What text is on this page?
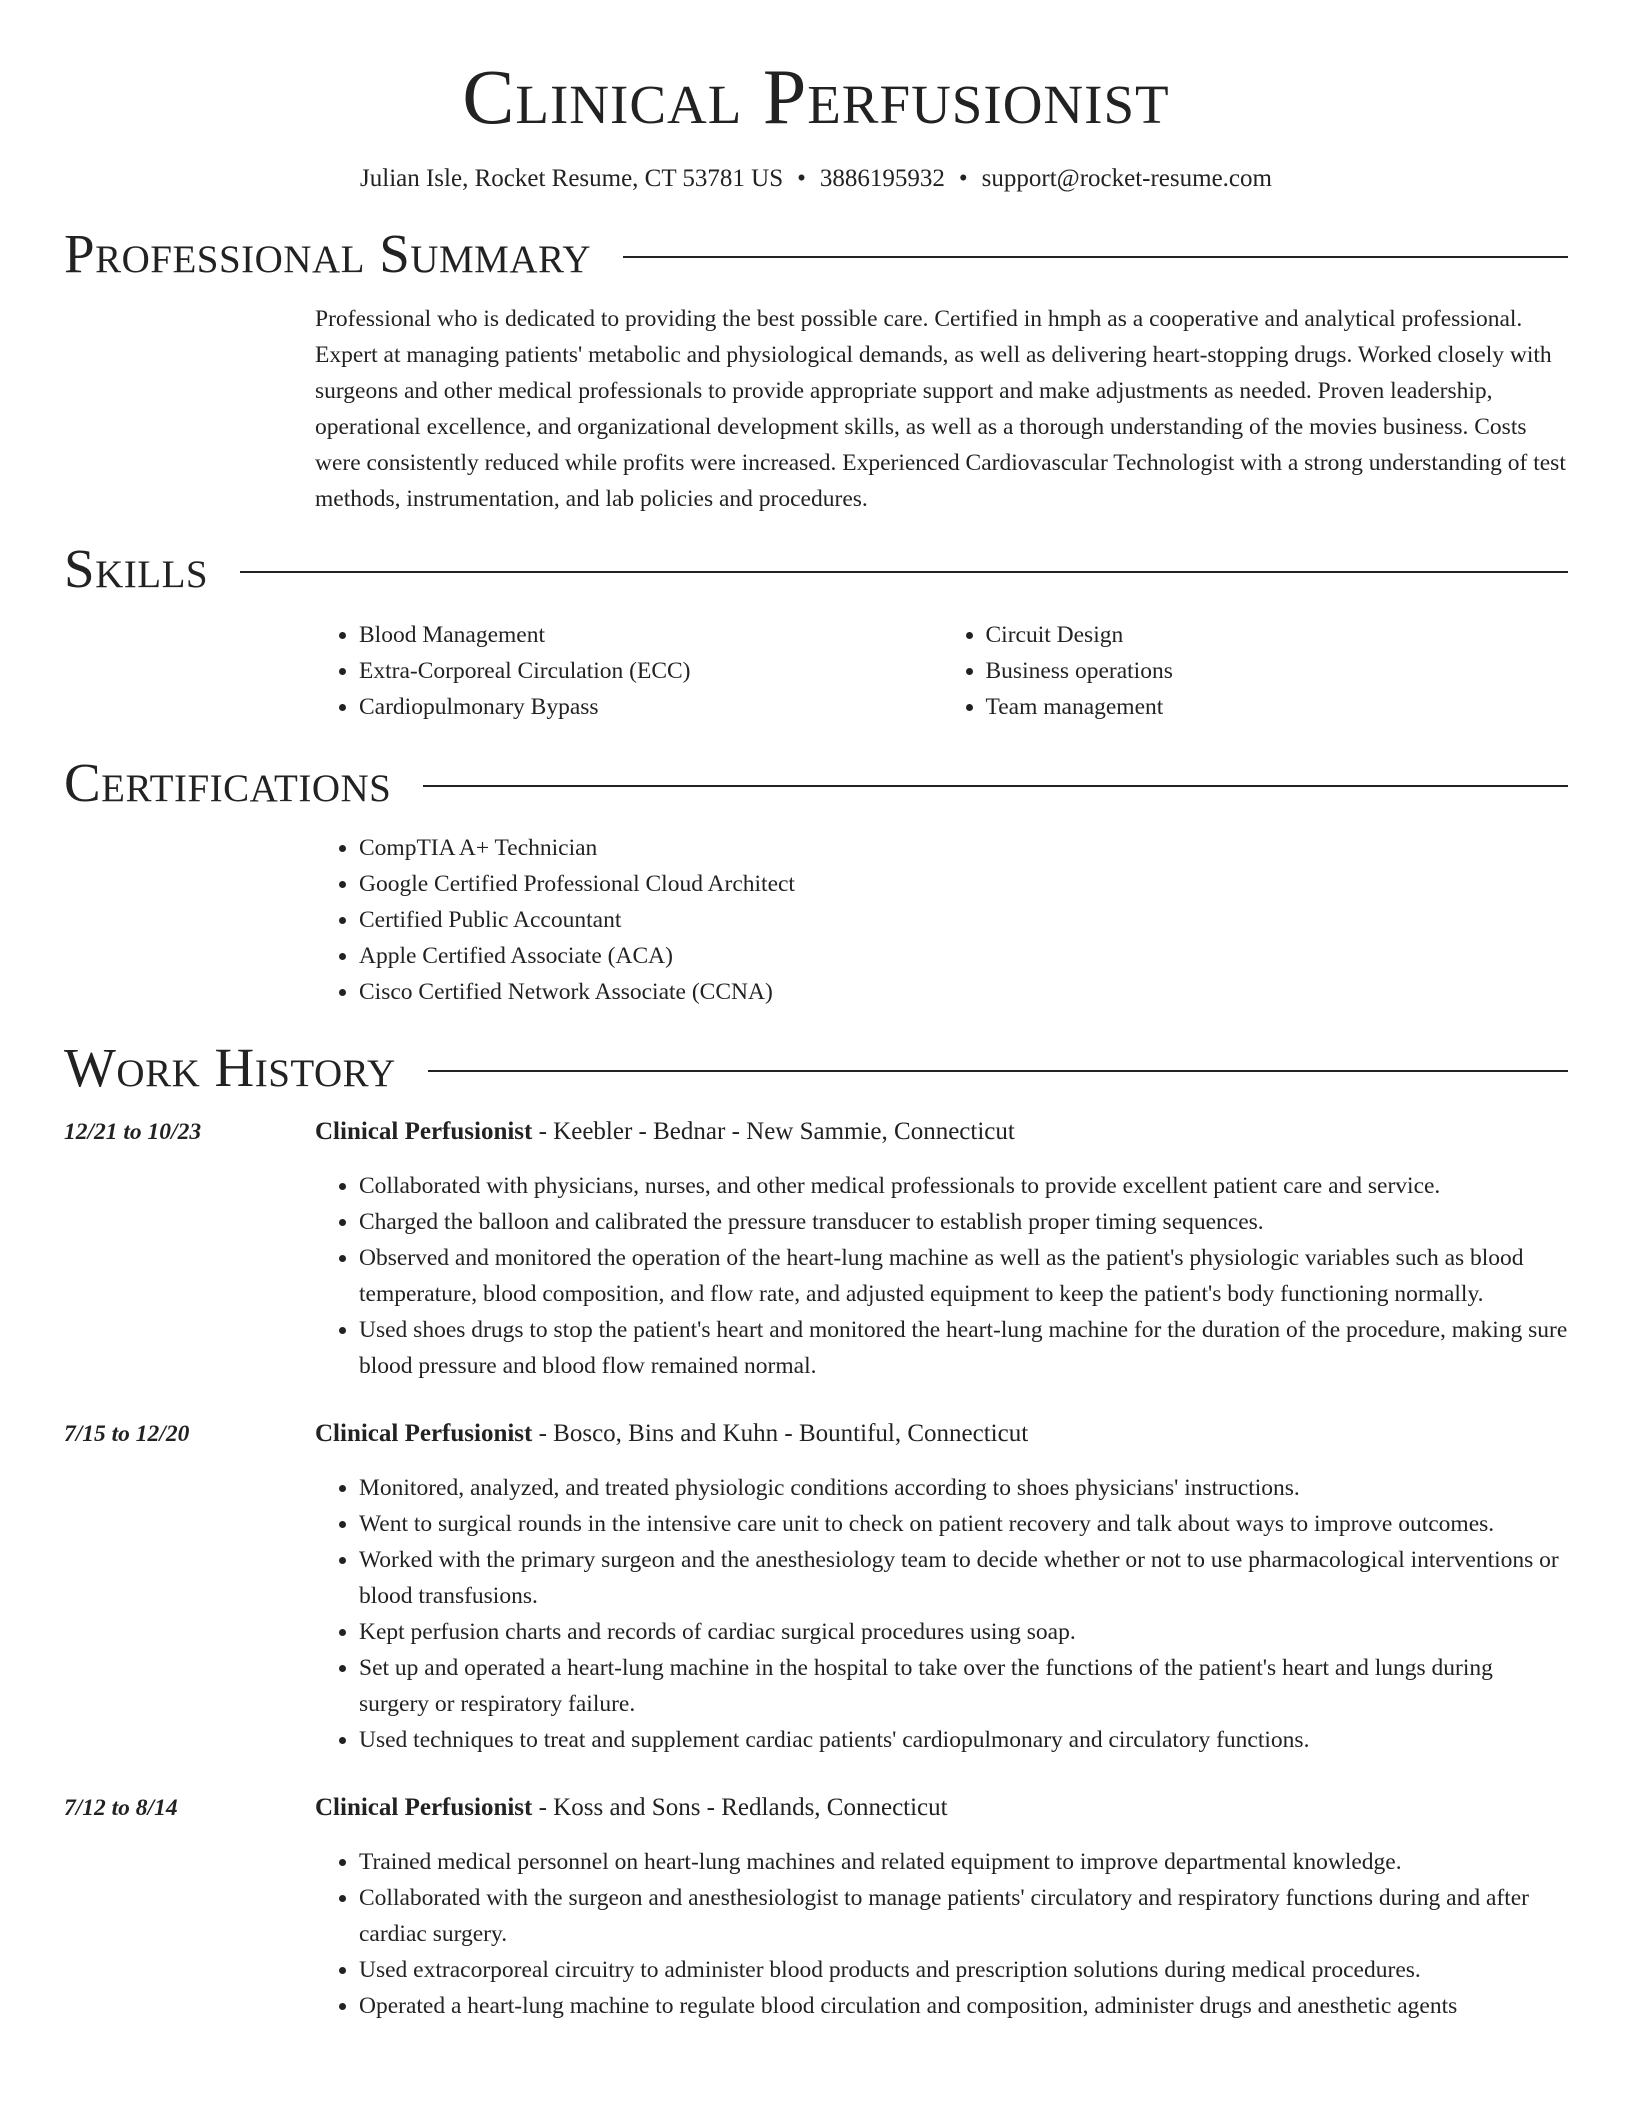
Clinical Perfusionist
Julian Isle, Rocket Resume, CT 53781 US • 3886195932 • support@rocket-resume.com
Professional Summary

Professional who is dedicated to providing the best possible care. Certified in hmph as a cooperative and analytical professional. Expert at managing patients' metabolic and physiological demands, as well as delivering heart-stopping drugs. Worked closely with surgeons and other medical professionals to provide appropriate support and make adjustments as needed. Proven leadership, operational excellence, and organizational development skills, as well as a thorough understanding of the movies business. Costs were consistently reduced while profits were increased. Experienced Cardiovascular Technologist with a strong understanding of test methods, instrumentation, and lab policies and procedures.

Skills
• Blood Management
• Extra-Corporeal Circulation (ECC)
• Cardiopulmonary Bypass
• Circuit Design
• Business operations
• Team management
Certifications
• CompTIA A+ Technician
• Google Certified Professional Cloud Architect
• Certified Public Accountant
• Apple Certified Associate (ACA)
• Cisco Certified Network Associate (CCNA)
Work History
12/21 to 10/23	Clinical Perfusionist - Keebler - Bednar - New Sammie, Connecticut
• Collaborated with physicians, nurses, and other medical professionals to provide excellent patient care and service.
• Charged the balloon and calibrated the pressure transducer to establish proper timing sequences.
• Observed and monitored the operation of the heart-lung machine as well as the patient's physiologic variables such as blood temperature, blood composition, and flow rate, and adjusted equipment to keep the patient's body functioning normally.
• Used shoes drugs to stop the patient's heart and monitored the heart-lung machine for the duration of the procedure, making sure blood pressure and blood flow remained normal.
7/15 to 12/20	Clinical Perfusionist - Bosco, Bins and Kuhn - Bountiful, Connecticut
• Monitored, analyzed, and treated physiologic conditions according to shoes physicians' instructions.
• Went to surgical rounds in the intensive care unit to check on patient recovery and talk about ways to improve outcomes.
• Worked with the primary surgeon and the anesthesiology team to decide whether or not to use pharmacological interventions or blood transfusions.
• Kept perfusion charts and records of cardiac surgical procedures using soap.
• Set up and operated a heart-lung machine in the hospital to take over the functions of the patient's heart and lungs during surgery or respiratory failure.
• Used techniques to treat and supplement cardiac patients' cardiopulmonary and circulatory functions.
7/12 to 8/14	Clinical Perfusionist - Koss and Sons - Redlands, Connecticut
• Trained medical personnel on heart-lung machines and related equipment to improve departmental knowledge.
• Collaborated with the surgeon and anesthesiologist to manage patients' circulatory and respiratory functions during and after cardiac surgery.
• Used extracorporeal circuitry to administer blood products and prescription solutions during medical procedures.
• Operated a heart-lung machine to regulate blood circulation and composition, administer drugs and anesthetic agents
